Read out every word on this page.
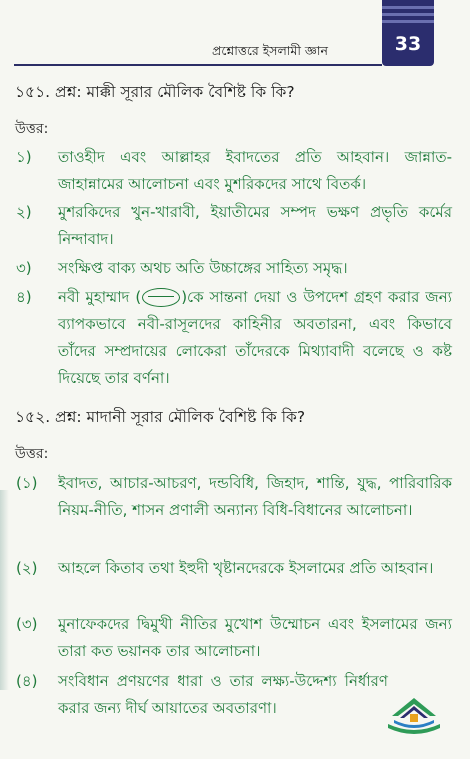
প্রশ্নোত্তরে ইসলামী জ্ঞান	33
১৫১. প্রশ্ন: মাক্কী সূরার মৌলিক বৈশিষ্ট কি কি?
উত্তর:
১)	তাওহীদ এবং আল্লাহর ইবাদতের প্রতি আহবান। জান্নাত-জাহান্নামের আলোচনা এবং মুশরিকদের সাথে বিতর্ক।
২)	মুশরকিদের খুন-খারাবী, ইয়াতীমের সম্পদ ভক্ষণ প্রভৃতি কর্মের নিন্দাবাদ।
৩)	সংক্ষিপ্ত বাক্য অথচ অতি উচ্চাঙ্গের সাহিত্য সমৃদ্ধ।
৪)	নবী মুহাম্মাদ (	)কে সান্তনা দেয়া ও উপদেশ গ্রহণ করার জন্য ব্যাপকভাবে নবী-রাসূলদের কাহিনীর অবতারনা, এবং কিভাবে তাঁদের সম্প্রদায়ের লোকেরা তাঁদেরকে মিথ্যাবাদী বলেছে ও কষ্ট দিয়েছে তার বর্ণনা।
১৫২. প্রশ্ন: মাদানী সূরার মৌলিক বৈশিষ্ট কি কি?
উত্তর:
(১)	ইবাদত, আচার-আচরণ, দন্ডবিধি, জিহাদ, শান্তি, যুদ্ধ, পারিবারিক নিয়ম-নীতি, শাসন প্রণালী অন্যান্য বিধি-বিধানের আলোচনা।
(২)	আহলে কিতাব তথা ইহুদী খৃষ্টানদেরকে ইসলামের প্রতি আহবান।
(৩)	মুনাফেকদের দ্বিমুখী নীতির মুখোশ উম্মোচন এবং ইসলামের জন্য তারা কত ভয়ানক তার আলোচনা।
(৪)	সংবিধান প্রণয়ণের ধারা ও তার লক্ষ্য-উদ্দেশ্য নির্ধারণ করার জন্য দীর্ঘ আয়াতের অবতারণা।
